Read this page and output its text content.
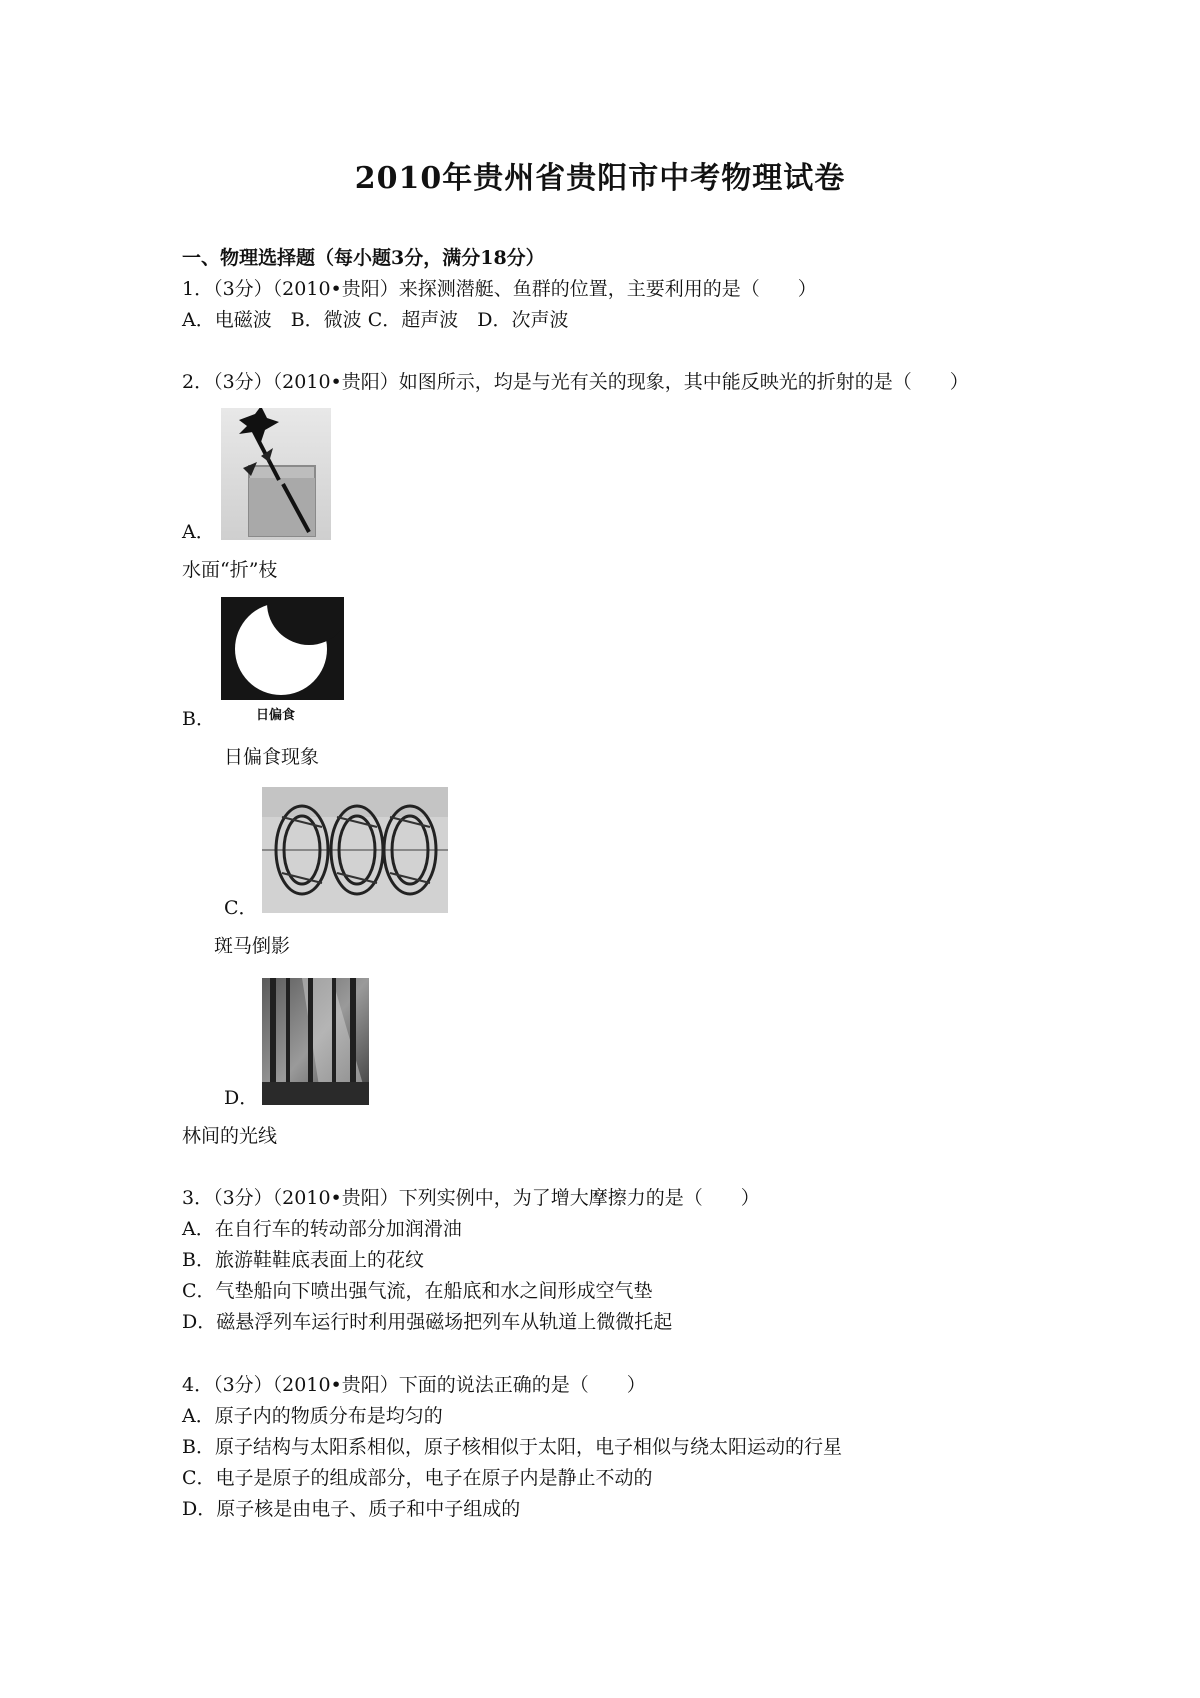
2010年贵州省贵阳市中考物理试卷
一、物理选择题（每小题3分，满分18分）
1．（3分）（2010•贵阳）来探测潜艇、鱼群的位置，主要利用的是（　　）
A．电磁波　B．微波 C．超声波　D．次声波
2．（3分）（2010•贵阳）如图所示，均是与光有关的现象，其中能反映光的折射的是（　　）
A．
水面“折”枝
日偏食
B．
日偏食现象
C．
斑马倒影
D．
林间的光线
3．（3分）（2010•贵阳）下列实例中，为了增大摩擦力的是（　　）
A．在自行车的转动部分加润滑油
B．旅游鞋鞋底表面上的花纹
C．气垫船向下喷出强气流，在船底和水之间形成空气垫
D．磁悬浮列车运行时利用强磁场把列车从轨道上微微托起
4．（3分）（2010•贵阳）下面的说法正确的是（　　）
A．原子内的物质分布是均匀的
B．原子结构与太阳系相似，原子核相似于太阳，电子相似与绕太阳运动的行星
C．电子是原子的组成部分，电子在原子内是静止不动的
D．原子核是由电子、质子和中子组成的
